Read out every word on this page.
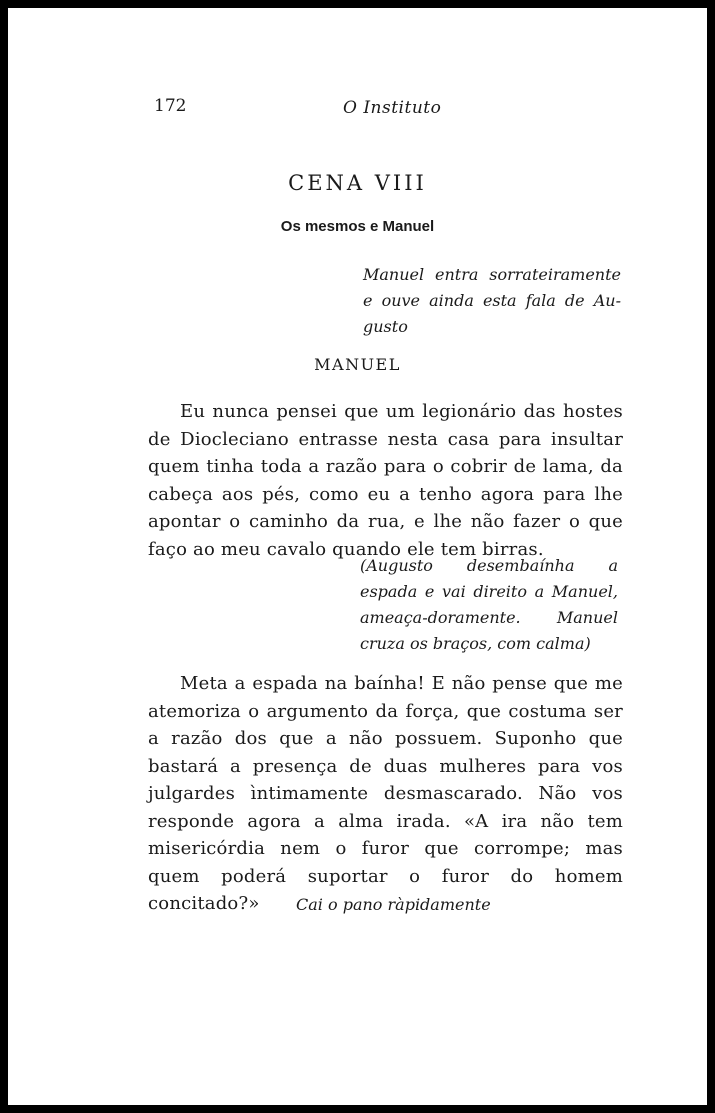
172	O Instituto
CENA VIII
Os mesmos e Manuel
Manuel entra sorrateiramente e ouve ainda esta fala de Au-gusto
MANUEL

Eu nunca pensei que um legionário das hostes de Diocleciano entrasse nesta casa para insultar quem tinha toda a razão para o cobrir de lama, da cabeça aos pés, como eu a tenho agora para lhe apontar o caminho da rua, e lhe não fazer o que faço ao meu cavalo quando ele tem birras.

(Augusto desembaínha a espada e vai direito a Manuel, ameaça-doramente. Manuel cruza os braços, com calma)

Meta a espada na baínha! E não pense que me atemoriza o argumento da força, que costuma ser a razão dos que a não possuem. Suponho que bastará a presença de duas mulheres para vos julgardes ìntimamente desmascarado. Não vos responde agora a alma irada. «A ira não tem misericórdia nem o furor que corrompe; mas quem poderá suportar o furor do homem concitado?»	Cai o pano ràpidamente
